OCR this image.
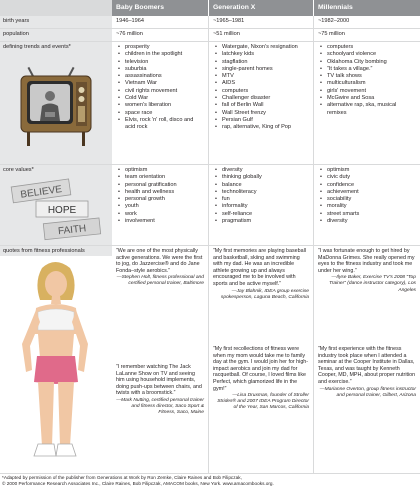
Baby Boomers	Generation X	Millennials
birth years	1946–1964	~1965–1981	~1982–2000
population	~76 million	~51 million	~75 million
defining trends and events*
•	prosperity
• children in the spotlight
• television
• suburbia
• assassinations
• Vietnam War
• civil rights movement
• Cold War
• women's liberation
• space race
• Elvis, rock 'n' roll, disco and acid rock
• Watergate, Nixon's resignation
• latchkey kids
• stagflation
• single-parent homes
• MTV
• AIDS
• computers
• Challenger disaster
• fall of Berlin Wall
• Wall Street frenzy
• Persian Gulf
• rap, alternative, King of Pop
• computers
• schoolyard violence
• Oklahoma City bombing
• “It takes a village.”
• TV talk shows
• multiculturalism
• girls' movement
• McGwire and Sosa
• alternative rap, ska, musical remixes
core values*
BELIEVE
HOPE
FAITH
• optimism
• team orientation
• personal gratification
• health and wellness
• personal growth
• youth
• work
• involvement
• diversity
• thinking globally
• balance
• technoliteracy
• fun
• informality
• self-reliance
• pragmatism
• optimism
• civic duty
• confidence
• achievement
• sociability
• morality
• street smarts
• diversity
quotes from fitness professionals	“We are one of the most physically active generations. We were the first to jog, do Jazzercise® and do Jane Fonda–style aerobics.”

—Stephen Holt, fitness professional and certified personal trainer, Baltimore

“I remember watching The Jack LaLanne Show on TV and seeing him using household implements, doing push-ups between chairs, and twists with a broomstick.”

—Mark Nutting, certified personal trainer and fitness director, Saco Sport & Fitness, Saco, Maine

“My first memories are playing baseball and basketball, skiing and swimming with my dad. He was an incredible athlete growing up and always encouraged me to be involved with sports and be active myself.”

—Jay Blahnik, IDEA group exercise spokesperson, Laguna Beach, California

“My first recollections of fitness were when my mom would take me to family day at the gym. I would join her for high-impact aerobics and join my dad for racquetball. Of course, I loved films like Perfect, which glamorized life in the gym!”

—Lisa Druxman, founder of Stroller Strides® and 2007 IDEA Program Director of the Year, San Marcos, California

“I was fortunate enough to get hired by MaDonna Grimes. She really opened my eyes to the fitness industry and took me under her wing.”

—Ilyse Baker, Exercise TV's 2008 “Top Trainer” (dance instructor category), Los Angeles

“My first experience with the fitness industry took place when I attended a seminar at the Cooper Institute in Dallas, Texas, and was taught by Kenneth Cooper, MD, MPH, about proper nutrition and exercise.”

—Marianne Overton, group fitness instructor and personal trainer, Gilbert, Arizona

*Adapted by permission of the publisher from Generations at Work by Ron Zemke, Claire Raines and Bob Filipczak,

© 2000 Performance Research Associates Inc., Claire Raines, Bob Filipczak, AMACOM books, New York. www.amacombooks.org.
